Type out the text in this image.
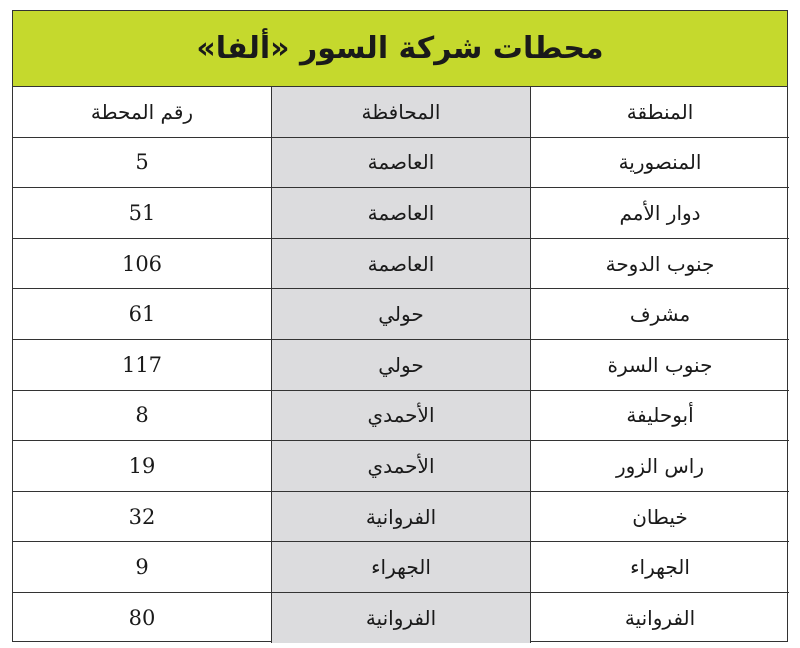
محطات شركة السور «ألفا»
رقم المحطة	المحافظة	المنطقة
5	العاصمة	المنصورية
51	العاصمة	دوار الأمم
106	العاصمة	جنوب الدوحة
61	حولي	مشرف
117	حولي	جنوب السرة
8	الأحمدي	أبوحليفة
19	الأحمدي	راس الزور
32	الفروانية	خيطان
9	الجهراء	الجهراء
80	الفروانية	الفروانية
